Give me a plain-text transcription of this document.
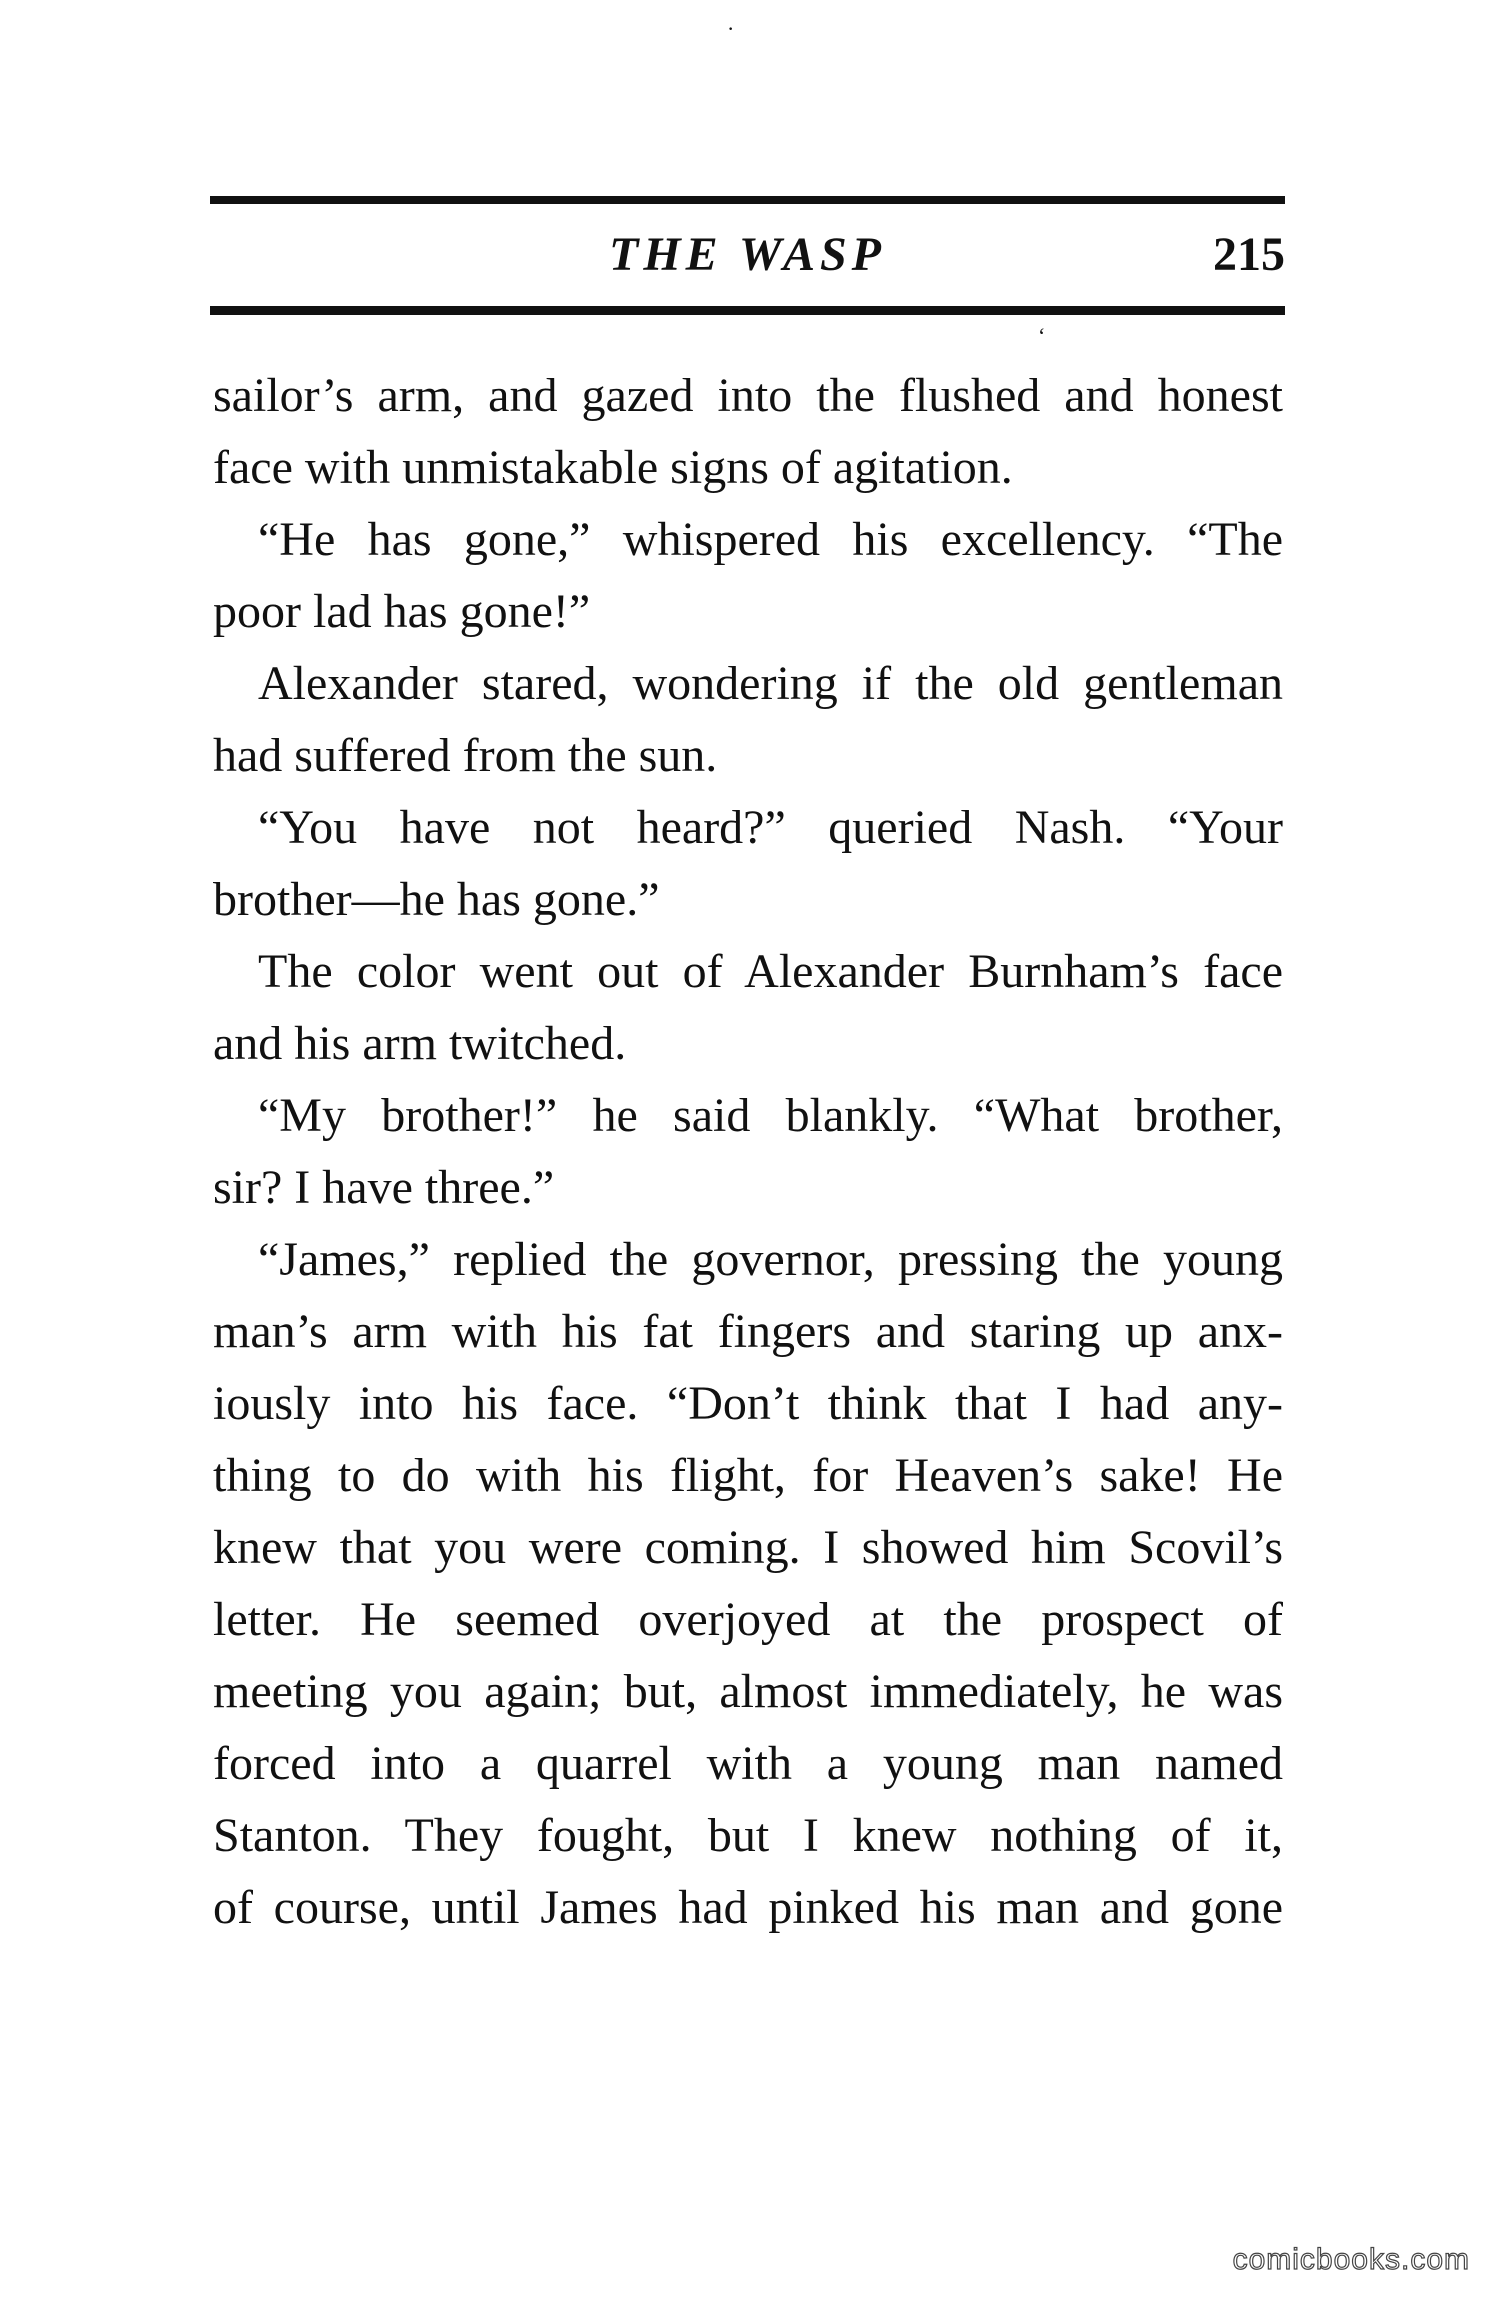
THE WASP	215
·
‘
sailor’s arm, and gazed into the flushed and honest
face with unmistakable signs of agitation.
“He has gone,” whispered his excellency. “The
poor lad has gone!”
Alexander stared, wondering if the old gentleman
had suffered from the sun.
“You have not heard?” queried Nash. “Your
brother—he has gone.”
The color went out of Alexander Burnham’s face
and his arm twitched.
“My brother!” he said blankly. “What brother,
sir? I have three.”
“James,” replied the governor, pressing the young
man’s arm with his fat fingers and staring up anx-
iously into his face. “Don’t think that I had any-
thing to do with his flight, for Heaven’s sake! He
knew that you were coming. I showed him Scovil’s
letter. He seemed overjoyed at the prospect of
meeting you again; but, almost immediately, he was
forced into a quarrel with a young man named
Stanton. They fought, but I knew nothing of it,
of course, until James had pinked his man and gone
comicbooks.com
